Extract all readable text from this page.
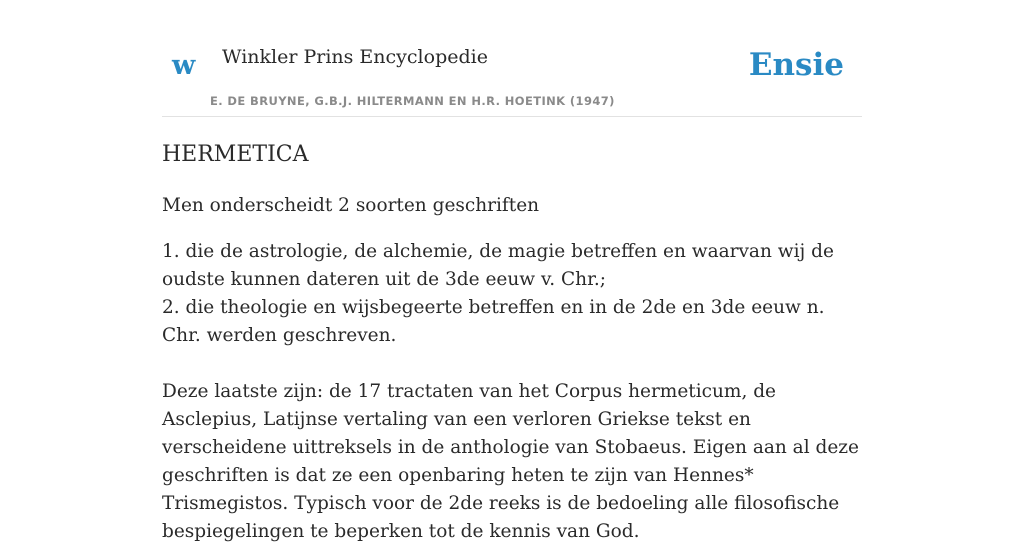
w Winkler Prins Encyclopedie
E. DE BRUYNE, G.B.J. HILTERMANN EN H.R. HOETINK (1947)
Ensie
HERMETICA

Men onderscheidt 2 soorten geschriften

1. die de astrologie, de alchemie, de magie betreffen en waarvan wij de oudste kunnen dateren uit de 3de eeuw v. Chr.;
2. die theologie en wijsbegeerte betreffen en in de 2de en 3de eeuw n. Chr. werden geschreven.

Deze laatste zijn: de 17 tractaten van het Corpus hermeticum, de Asclepius, Latijnse vertaling van een verloren Griekse tekst en verscheidene uittreksels in de anthologie van Stobaeus. Eigen aan al deze geschriften is dat ze een openbaring heten te zijn van Hennes* Trismegistos. Typisch voor de 2de reeks is de bedoeling alle filosofische bespiegelingen te beperken tot de kennis van God.
